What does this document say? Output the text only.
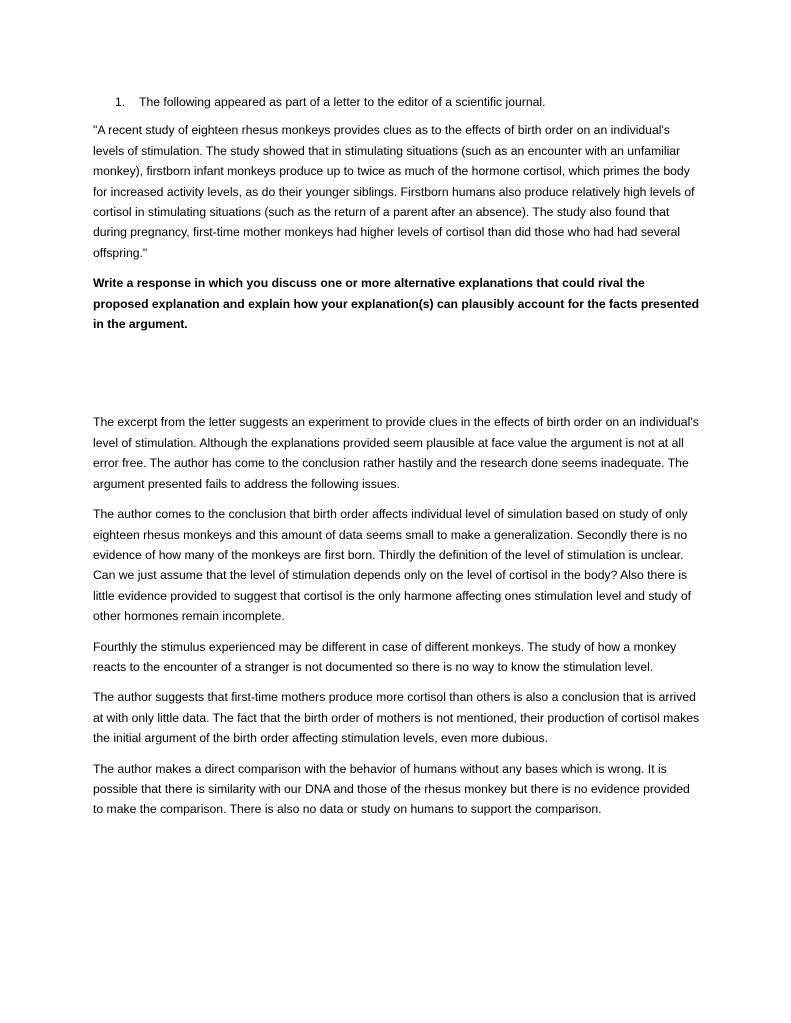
1.	The following appeared as part of a letter to the editor of a scientific journal.

"A recent study of eighteen rhesus monkeys provides clues as to the effects of birth order on an individual's levels of stimulation. The study showed that in stimulating situations (such as an encounter with an unfamiliar monkey), firstborn infant monkeys produce up to twice as much of the hormone cortisol, which primes the body for increased activity levels, as do their younger siblings. Firstborn humans also produce relatively high levels of cortisol in stimulating situations (such as the return of a parent after an absence). The study also found that during pregnancy, first-time mother monkeys had higher levels of cortisol than did those who had had several offspring."

Write a response in which you discuss one or more alternative explanations that could rival the proposed explanation and explain how your explanation(s) can plausibly account for the facts presented in the argument.

The excerpt from the letter suggests an experiment to provide clues in the effects of birth order on an individual’s level of stimulation. Although the explanations provided seem plausible at face value the argument is not at all error free. The author has come to the conclusion rather hastily and the research done seems inadequate. The argument presented fails to address the following issues.

The author comes to the conclusion that birth order affects individual level of simulation based on study of only eighteen rhesus monkeys and this amount of data seems small to make a generalization. Secondly there is no evidence of how many of the monkeys are first born. Thirdly the definition of the level of stimulation is unclear. Can we just assume that the level of stimulation depends only on the level of cortisol in the body? Also there is little evidence provided to suggest that cortisol is the only harmone affecting ones stimulation level and study of other hormones remain incomplete.

Fourthly the stimulus experienced may be different in case of different monkeys. The study of how a monkey reacts to the encounter of a stranger is not documented so there is no way to know the stimulation level.

The author suggests that first-time mothers produce more cortisol than others is also a conclusion that is arrived at with only little data. The fact that the birth order of mothers is not mentioned, their production of cortisol makes the initial argument of the birth order affecting stimulation levels, even more dubious.

The author makes a direct comparison with the behavior of humans without any bases which is wrong. It is possible that there is similarity with our DNA and those of the rhesus monkey but there is no evidence provided to make the comparison. There is also no data or study on humans to support the comparison.
